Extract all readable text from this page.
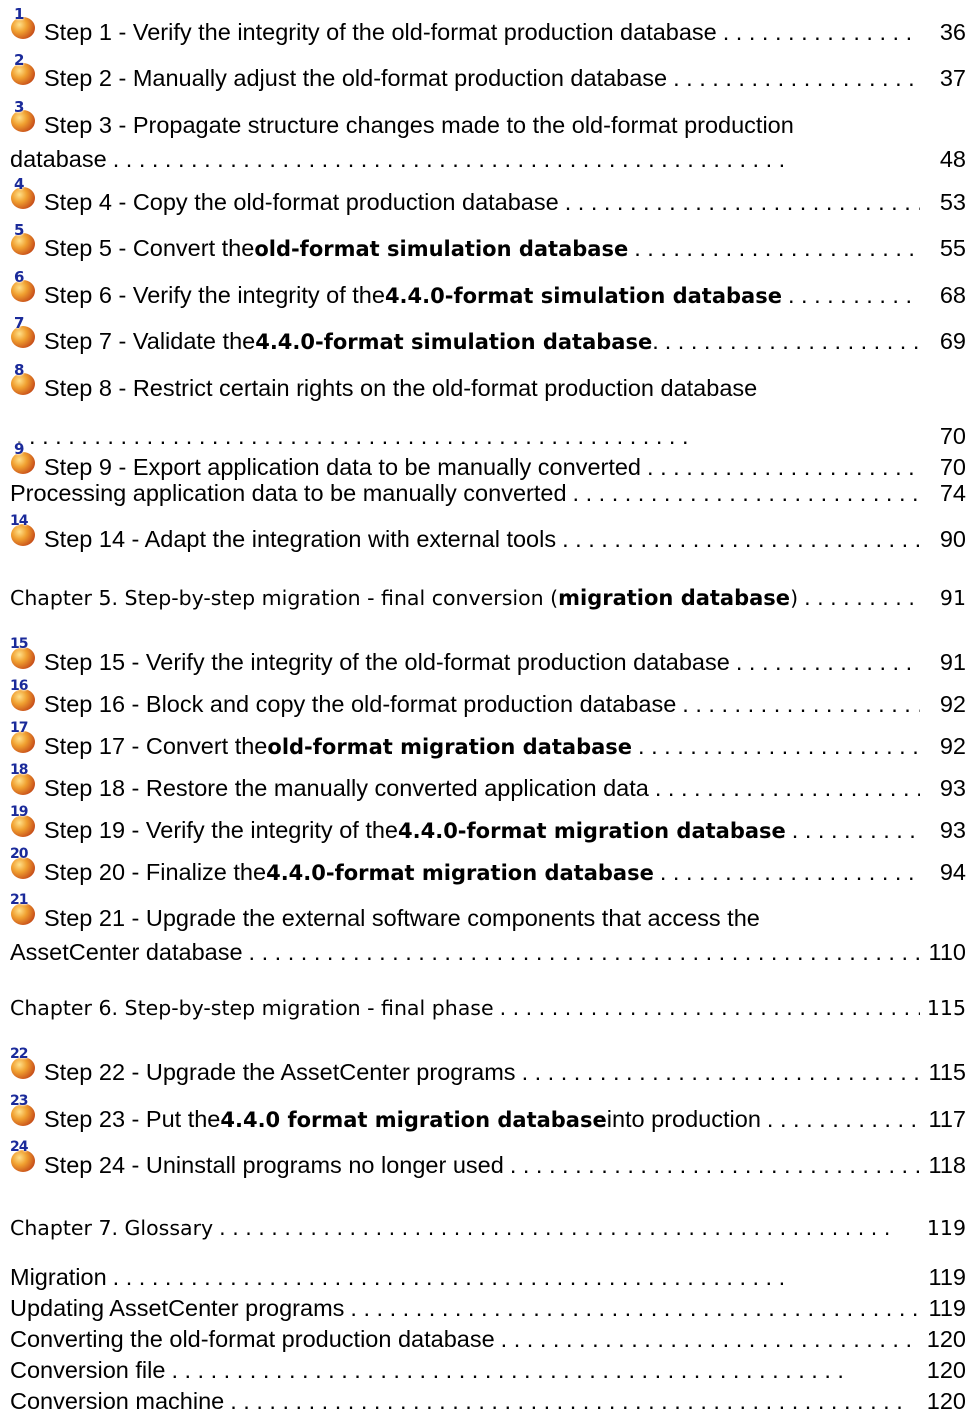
1
Step 1 - Verify the integrity of the old-format production database . .	36
2
Step 2 - Manually adjust the old-format production database . .	37
3
Step 3 - Propagate structure changes made to the old-format production
database . .	48
4
Step 4 - Copy the old-format production database . .	53
5
Step 5 - Convert the old-format simulation database . .	55
6
Step 6 - Verify the integrity of the 4.4.0-format simulation database . .	68
7
Step 7 - Validate the 4.4.0-format simulation database . . .	69
8
Step 8 - Restrict certain rights on the old-format production database
. .
70
9
Step 9 - Export application data to be manually converted . .	70
Processing application data to be manually converted . .	74
14
Step 14 - Adapt the integration with external tools . .	90
Chapter 5. Step-by-step migration - final conversion ( migration database ) . .	91
15
Step 15 - Verify the integrity of the old-format production database . .	91
16
Step 16 - Block and copy the old-format production database . .	92
17
Step 17 - Convert the old-format migration database . .	92
18
Step 18 - Restore the manually converted application data . .	93
19
Step 19 - Verify the integrity of the 4.4.0-format migration database . .	93
20
Step 20 - Finalize the 4.4.0-format migration database . .	94
21
Step 21 - Upgrade the external software components that access the
AssetCenter database . .	110
Chapter 6. Step-by-step migration - final phase . .	115
22
Step 22 - Upgrade the AssetCenter programs . .	115
23
Step 23 - Put the 4.4.0 format migration database into production . .	117
24
Step 24 - Uninstall programs no longer used . .	118
Chapter 7. Glossary . .	119
Migration . .	119
Updating AssetCenter programs . .	119
Converting the old-format production database . .	120
Conversion file . .	120
Conversion machine . .	120
